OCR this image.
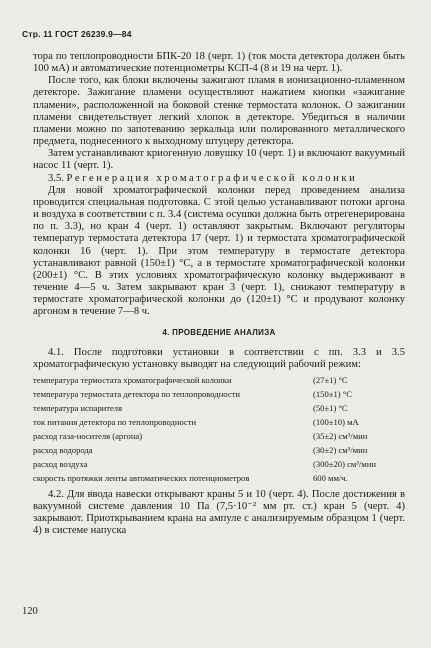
Стр. 11 ГОСТ 26239.9—84

тора по теплопроводности БПК-20 18 (черт. 1) (ток моста детектора должен быть 100 мА) и автоматические потенциометры КСП-4 (8 и 19 на черт. 1).

После того, как блоки включены зажигают пламя в ионизационно-пламенном детекторе. Зажигание пламени осуществляют нажатием кнопки «зажигание пламени», расположенной на боковой стенке термостата колонок. О зажигании пламени свидетельствует легкий хлопок в детекторе. Убедиться в наличии пламени можно по запотеванию зеркальца или полированного металлического предмета, поднесенного к выходному штуцеру детектора.

Затем устанавливают криогенную ловушку 10 (черт. 1) и включают вакуумный насос 11 (черт. 1).

3.5. Регенерация хроматографической колонки

Для новой хроматографической колонки перед проведением анализа проводится специальная подготовка. С этой целью устанавливают потоки аргона и воздуха в соответствии с п. 3.4 (система осушки должна быть отрегенерирована по п. 3.3), но кран 4 (черт. 1) оставляют закрытым. Включают регуляторы температур термостата детектора 17 (черт. 1) и термостата хроматографической колонки 16 (черт. 1). При этом температуру в термостате детектора устанавливают равной (150±1) °С, а в термостате хроматографической колонки (200±1) °С. В этих условиях хроматографическую колонку выдерживают в течение 4—5 ч. Затем закрывают кран 3 (черт. 1), снижают температуру в термостате хроматографической колонки до (120±1) °С и продувают колонку аргоном в течение 7—8 ч.

4. ПРОВЕДЕНИЕ АНАЛИЗА

4.1. После подготовки установки в соответствии с пп. 3.3 и 3.5 хроматографическую установку выводят на следующий рабочий режим:

температура термостата хроматографической колонки	(27±1) °С
температура термостата детектора по теплопроводности	(150±1) °С
температура испарителя	(50±1) °С
ток питания детектора по теплопроводности	(100±10) мА
расход газа-носителя (аргона)	(35±2) см³/мин
расход водорода	(30±2) см³/мин
расход воздуха	(300±20) см³/мин
скорость протяжки ленты автоматических потенциометров	600 мм/ч.

4.2. Для ввода навески открывают краны 5 и 10 (черт. 4). После достижения в вакуумной системе давления 10 Па (7,5·10⁻² мм рт. ст.) кран 5 (черт. 4) закрывают. Приоткрыванием крана на ампуле с анализируемым образцом 1 (черт. 4) в системе напуска

120
